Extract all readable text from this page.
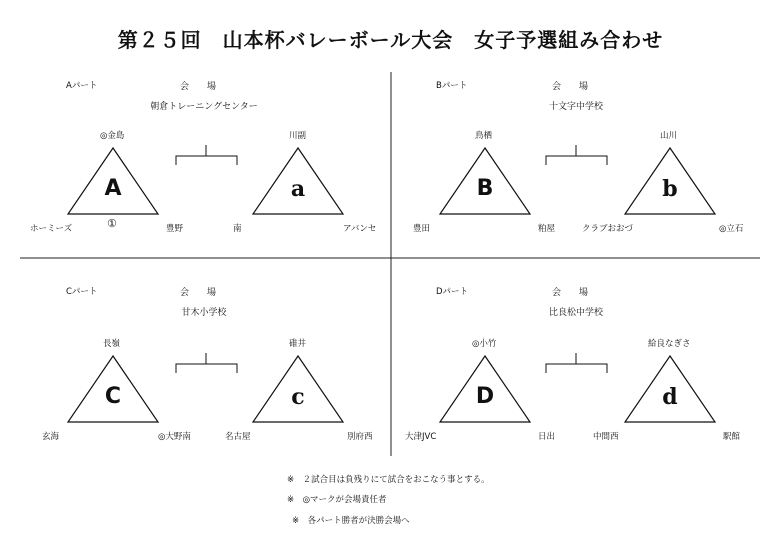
第２５回　山本杯バレーボール大会　女子予選組み合わせ
Aパート	会　　場
朝倉トレーニングセンター
◎金島
A
ホーミーズ	①	豊野
川副
a
南	アバンセ
Bパート	会　　場
十文字中学校
鳥栖
B
豊田	粕屋
山川
b
クラブおおづ	◎立石
Cパート	会　　場
甘木小学校
長嶺
C
玄海	◎大野南
碓井
c
名古屋	別府西
Dパート	会　　場
比良松中学校
◎小竹
D
大津JVC	日出
給良なぎさ
d
中間西	駅館
※　２試合目は負残りにて試合をおこなう事とする。
※　◎マークが会場責任者
※　各パート勝者が決勝会場へ
